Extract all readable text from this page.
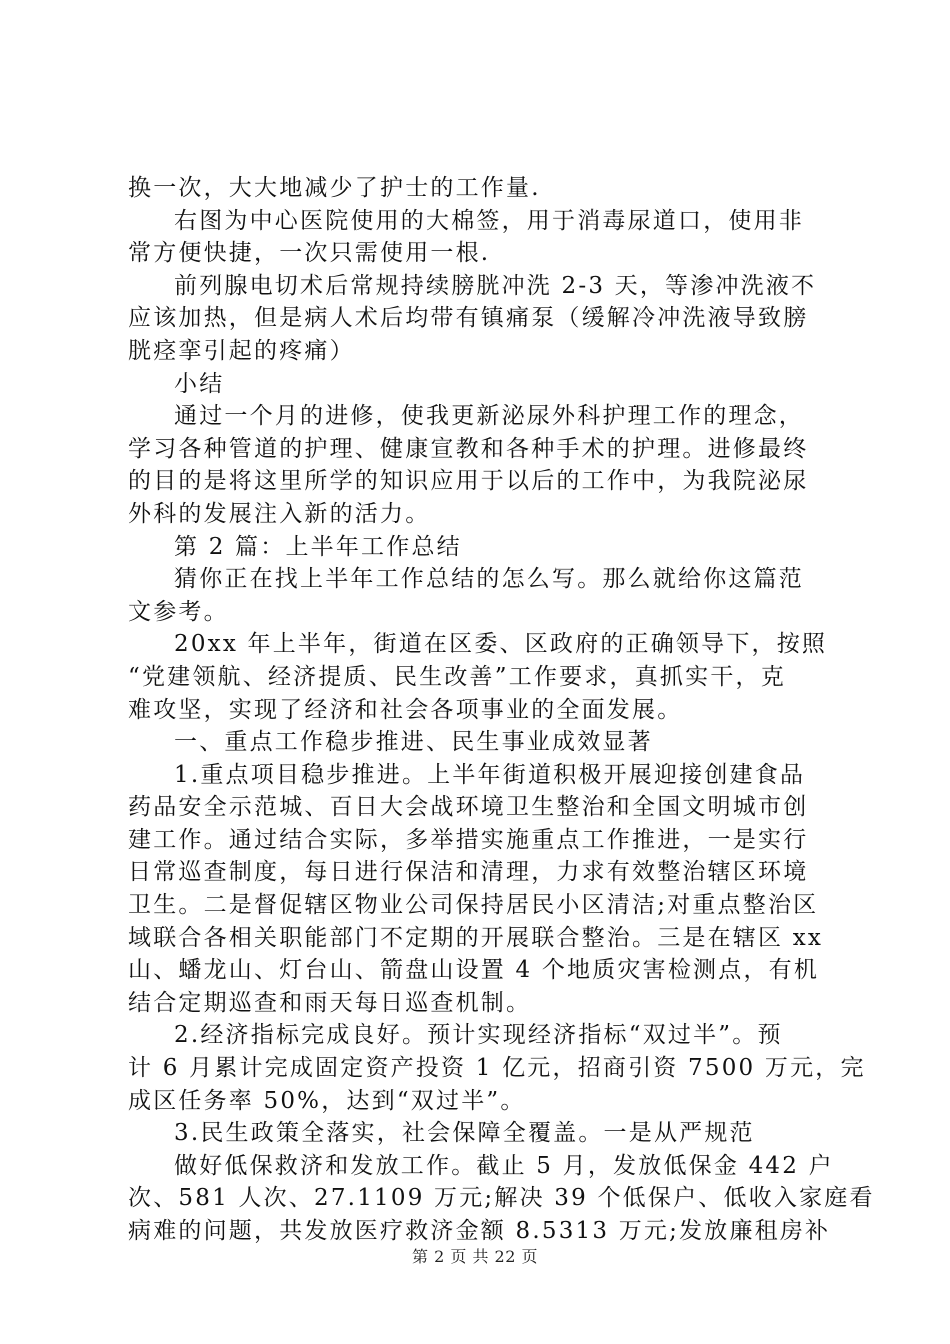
换一次，大大地减少了护士的工作量.

右图为中心医院使用的大棉签，用于消毒尿道口，使用非

常方便快捷，一次只需使用一根.

前列腺电切术后常规持续膀胱冲洗 2-3 天，等渗冲洗液不

应该加热，但是病人术后均带有镇痛泵（缓解冷冲洗液导致膀

胱痉挛引起的疼痛）

小结

通过一个月的进修，使我更新泌尿外科护理工作的理念，

学习各种管道的护理、健康宣教和各种手术的护理。进修最终

的目的是将这里所学的知识应用于以后的工作中，为我院泌尿

外科的发展注入新的活力。

第 2 篇：上半年工作总结

猜你正在找上半年工作总结的怎么写。那么就给你这篇范

文参考。

20xx 年上半年，街道在区委、区政府的正确领导下，按照

“党建领航、经济提质、民生改善”工作要求，真抓实干，克

难攻坚，实现了经济和社会各项事业的全面发展。

一、重点工作稳步推进、民生事业成效显著

1.重点项目稳步推进。上半年街道积极开展迎接创建食品

药品安全示范城、百日大会战环境卫生整治和全国文明城市创

建工作。通过结合实际，多举措实施重点工作推进，一是实行

日常巡查制度，每日进行保洁和清理，力求有效整治辖区环境

卫生。二是督促辖区物业公司保持居民小区清洁;对重点整治区

域联合各相关职能部门不定期的开展联合整治。三是在辖区 xx

山、蟠龙山、灯台山、箭盘山设置 4 个地质灾害检测点，有机

结合定期巡查和雨天每日巡查机制。

2.经济指标完成良好。预计实现经济指标“双过半”。预

计 6 月累计完成固定资产投资 1 亿元，招商引资 7500 万元，完

成区任务率 50%，达到“双过半”。

3.民生政策全落实，社会保障全覆盖。一是从严规范

做好低保救济和发放工作。截止 5 月，发放低保金 442 户

次、581 人次、27.1109 万元;解决 39 个低保户、低收入家庭看

病难的问题，共发放医疗救济金额 8.5313 万元;发放廉租房补

第 2 页 共 22 页
